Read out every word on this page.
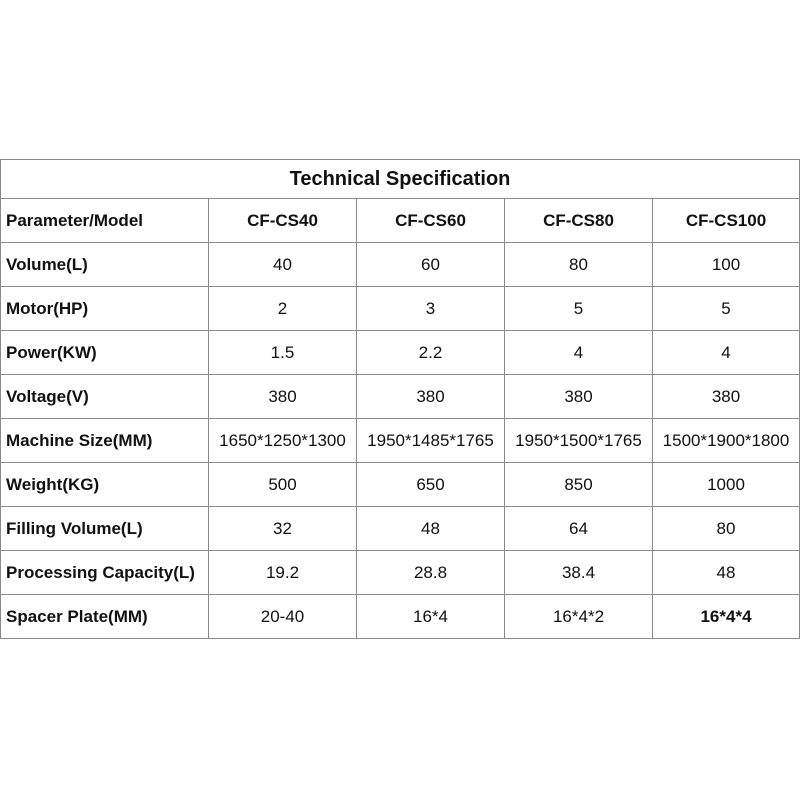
Technical Specification				
Parameter/Model	CF-CS40	CF-CS60	CF-CS80	CF-CS100
Volume(L)	40	60	80	100
Motor(HP)	2	3	5	5
Power(KW)	1.5	2.2	4	4
Voltage(V)	380	380	380	380
Machine Size(MM)	1650*1250*1300	1950*1485*1765	1950*1500*1765	1500*1900*1800
Weight(KG)	500	650	850	1000
Filling Volume(L)	32	48	64	80
Processing Capacity(L)	19.2	28.8	38.4	48
Spacer Plate(MM)	20-40	16*4	16*4*2	16*4*4
